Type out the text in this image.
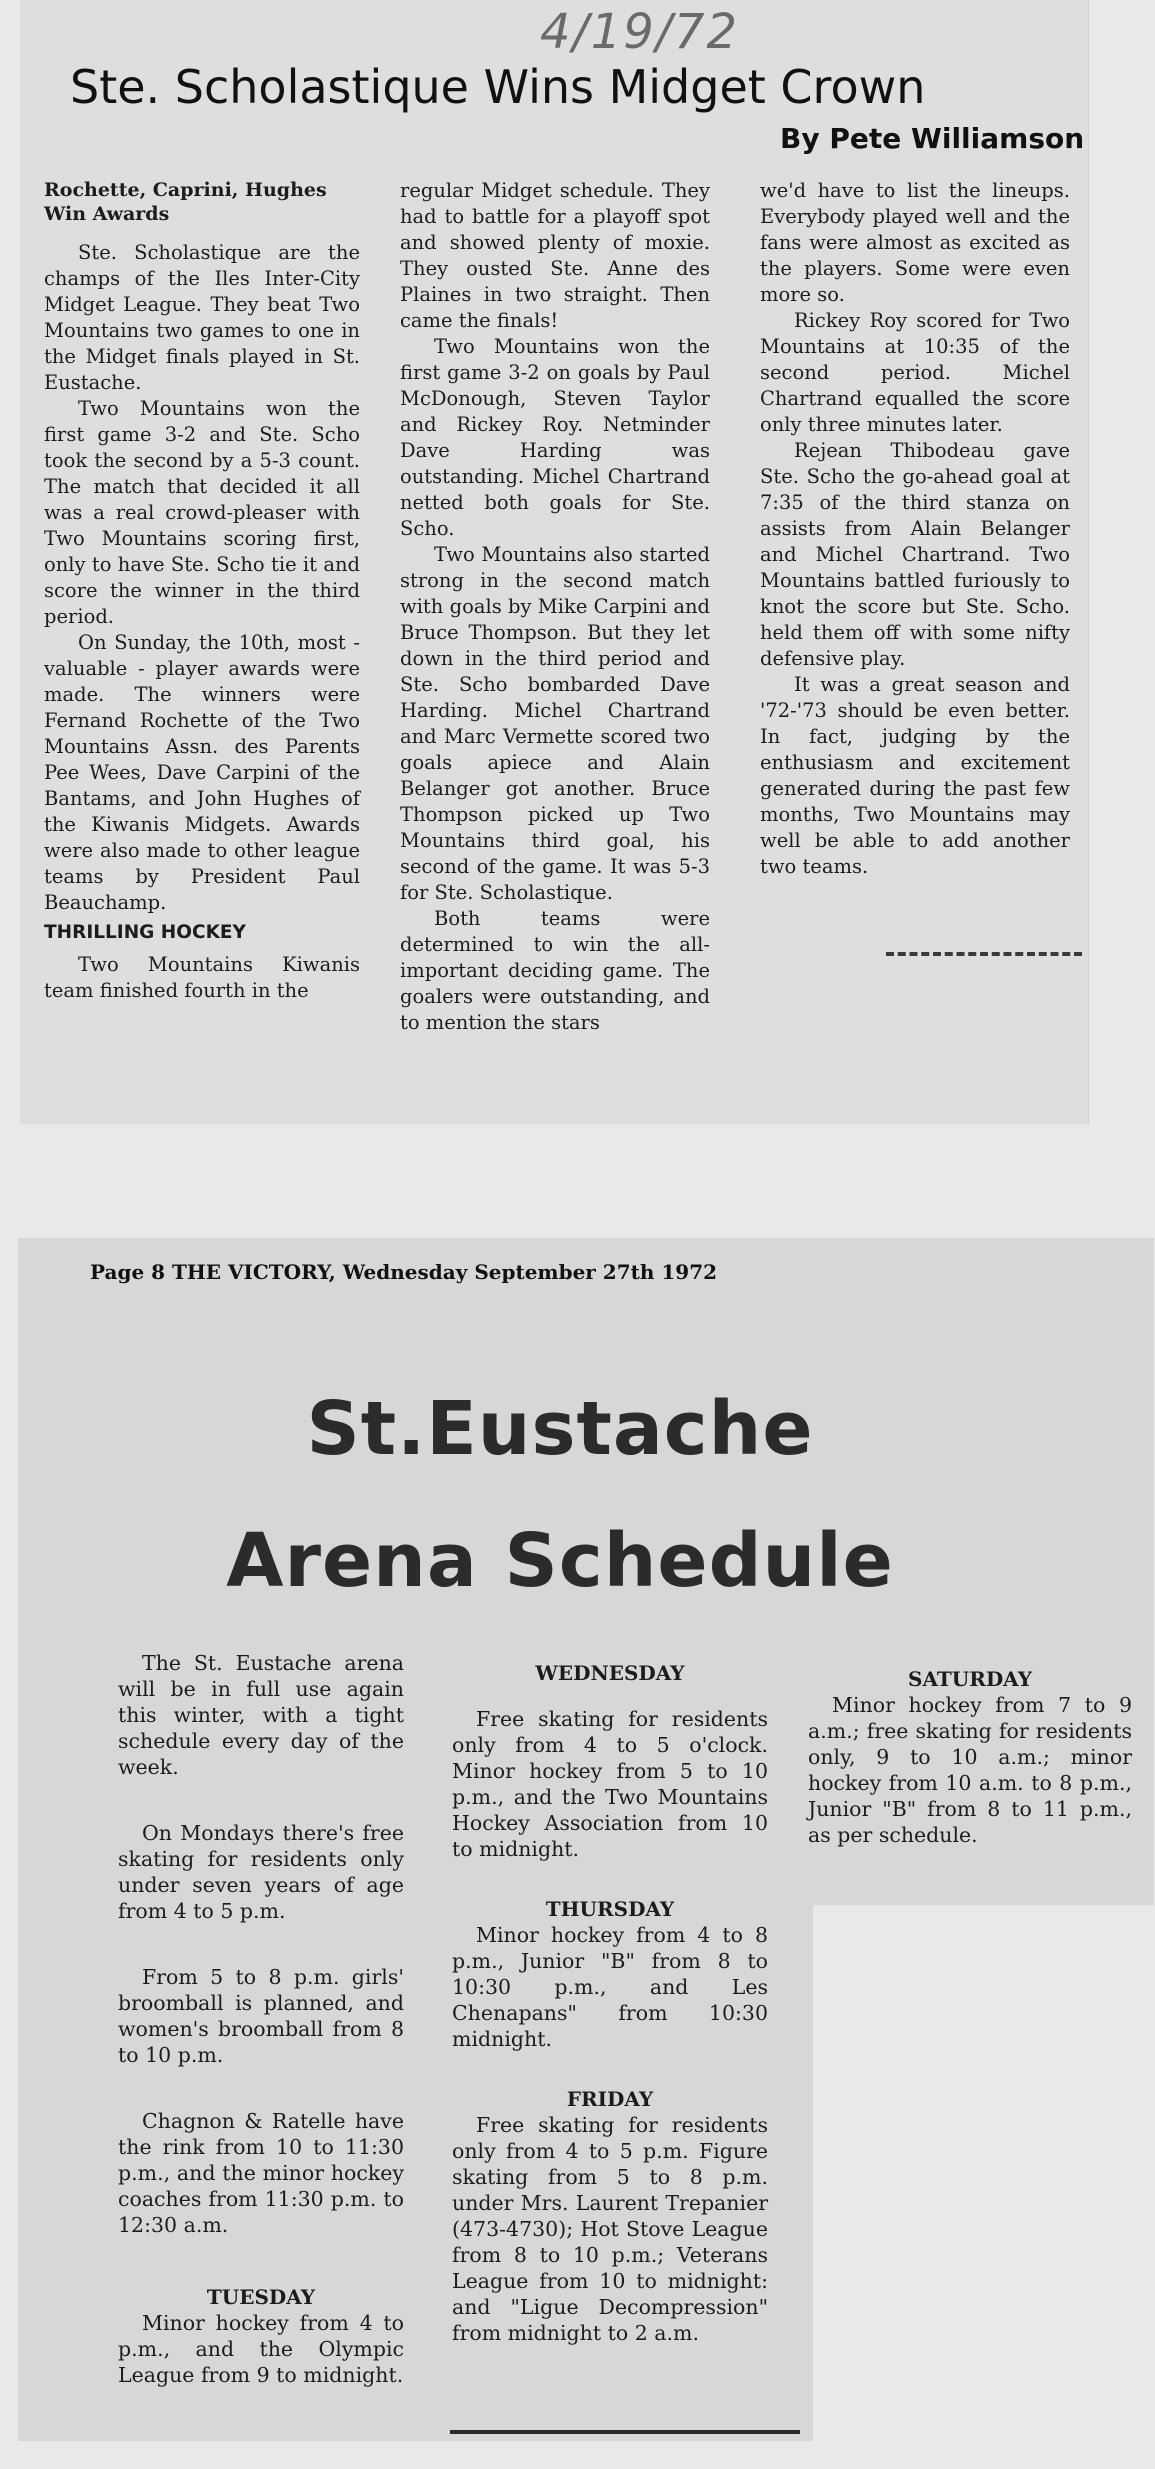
4/19/72
Ste. Scholastique Wins Midget Crown
By Pete Williamson

Rochette, Caprini, Hughes Win Awards

Ste. Scholastique are the champs of the Iles Inter-City Midget League. They beat Two Mountains two games to one in the Midget finals played in St. Eustache.

Two Mountains won the first game 3-2 and Ste. Scho took the second by a 5-3 count. The match that decided it all was a real crowd-pleaser with Two Mountains scoring first, only to have Ste. Scho tie it and score the winner in the third period.

On Sunday, the 10th, most - valuable - player awards were made. The winners were Fernand Rochette of the Two Mountains Assn. des Parents Pee Wees, Dave Carpini of the Bantams, and John Hughes of the Kiwanis Midgets. Awards were also made to other league teams by President Paul Beauchamp.

THRILLING HOCKEY

Two Mountains Kiwanis team finished fourth in the

regular Midget schedule. They had to battle for a playoff spot and showed plenty of moxie. They ousted Ste. Anne des Plaines in two straight. Then came the finals!

Two Mountains won the first game 3-2 on goals by Paul McDonough, Steven Taylor and Rickey Roy. Netminder Dave Harding was outstanding. Michel Chartrand netted both goals for Ste. Scho.

Two Mountains also started strong in the second match with goals by Mike Carpini and Bruce Thompson. But they let down in the third period and Ste. Scho bombarded Dave Harding. Michel Chartrand and Marc Vermette scored two goals apiece and Alain Belanger got another. Bruce Thompson picked up Two Mountains third goal, his second of the game. It was 5-3 for Ste. Scholastique.

Both teams were determined to win the all-important deciding game. The goalers were outstanding, and to mention the stars

we'd have to list the lineups. Everybody played well and the fans were almost as excited as the players. Some were even more so.

Rickey Roy scored for Two Mountains at 10:35 of the second period. Michel Chartrand equalled the score only three minutes later.

Rejean Thibodeau gave Ste. Scho the go-ahead goal at 7:35 of the third stanza on assists from Alain Belanger and Michel Chartrand. Two Mountains battled furiously to knot the score but Ste. Scho. held them off with some nifty defensive play.

It was a great season and '72-'73 should be even better. In fact, judging by the enthusiasm and excitement generated during the past few months, Two Mountains may well be able to add another two teams.

Page 8 THE VICTORY, Wednesday September 27th 1972
St.Eustache
Arena Schedule

The St. Eustache arena will be in full use again this winter, with a tight schedule every day of the week.

On Mondays there's free skating for residents only under seven years of age from 4 to 5 p.m.

From 5 to 8 p.m. girls' broomball is planned, and women's broomball from 8 to 10 p.m.

Chagnon & Ratelle have the rink from 10 to 11:30 p.m., and the minor hockey coaches from 11:30 p.m. to 12:30 a.m.

TUESDAY

Minor hockey from 4 to p.m., and the Olympic League from 9 to midnight.

WEDNESDAY

Free skating for residents only from 4 to 5 o'clock. Minor hockey from 5 to 10 p.m., and the Two Mountains Hockey Association from 10 to midnight.

THURSDAY

Minor hockey from 4 to 8 p.m., Junior "B" from 8 to 10:30 p.m., and Les Chenapans" from 10:30 midnight.

FRIDAY

Free skating for residents only from 4 to 5 p.m. Figure skating from 5 to 8 p.m. under Mrs. Laurent Trepanier (473-4730); Hot Stove League from 8 to 10 p.m.; Veterans League from 10 to midnight: and "Ligue Decompression" from midnight to 2 a.m.

SATURDAY

Minor hockey from 7 to 9 a.m.; free skating for residents only, 9 to 10 a.m.; minor hockey from 10 a.m. to 8 p.m., Junior "B" from 8 to 11 p.m., as per schedule.
